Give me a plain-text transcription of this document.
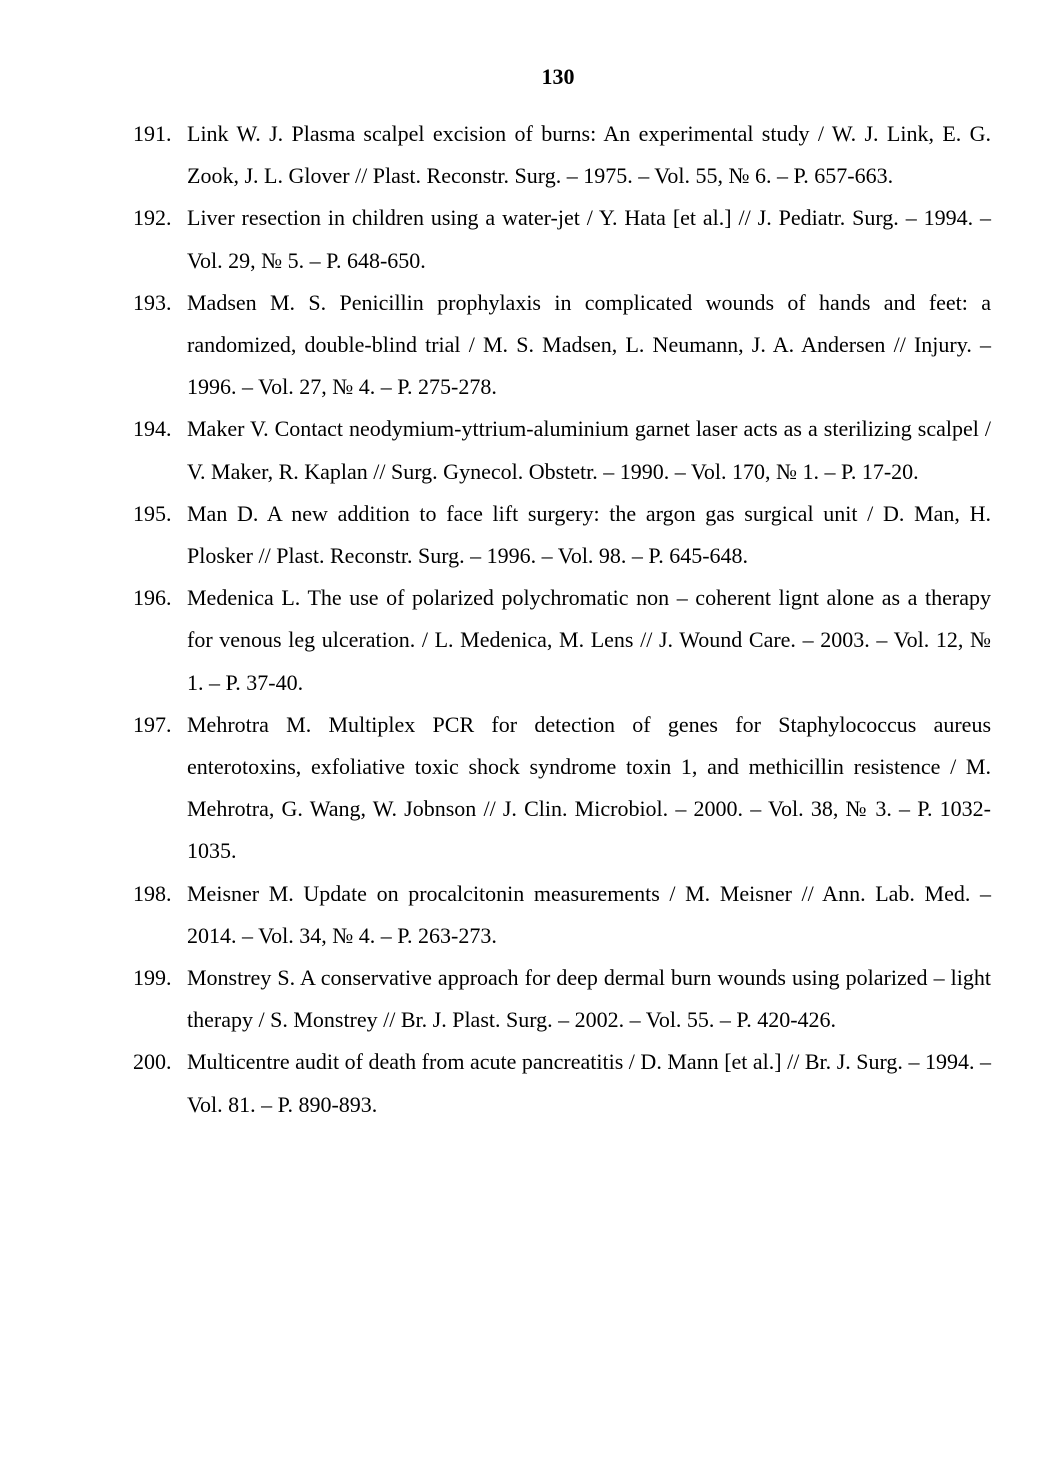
130
191. Link W. J. Plasma scalpel excision of burns: An experimental study / W. J. Link, E. G. Zook, J. L. Glover // Plast. Reconstr. Surg. – 1975. – Vol. 55, № 6. – P. 657-663.
192. Liver resection in children using a water-jet / Y. Hata [et al.] // J. Pediatr. Surg. – 1994. – Vol. 29, № 5. – P. 648-650.
193. Madsen M. S. Penicillin prophylaxis in complicated wounds of hands and feet: a randomized, double-blind trial / M. S. Madsen, L. Neumann, J. A. Andersen // Injury. – 1996. – Vol. 27, № 4. – P. 275-278.
194. Maker V. Contact neodymium-yttrium-aluminium garnet laser acts as a sterilizing scalpel / V. Maker, R. Kaplan // Surg. Gynecol. Obstetr. – 1990. – Vol. 170, № 1. – P. 17-20.
195. Man D. A new addition to face lift surgery: the argon gas surgical unit / D. Man, H. Plosker // Plast. Reconstr. Surg. – 1996. – Vol. 98. – P. 645-648.
196. Medenica L. The use of polarized polychromatic non – coherent lignt alone as a therapy for venous leg ulceration. / L. Medenica, M. Lens // J. Wound Care. – 2003. – Vol. 12, № 1. – P. 37-40.
197. Mehrotra M. Multiplex PCR for detection of genes for Staphylococcus aureus enterotoxins, exfoliative toxic shock syndrome toxin 1, and methicillin resistence / M. Mehrotra, G. Wang, W. Jobnson // J. Clin. Microbiol. – 2000. – Vol. 38, № 3. – P. 1032-1035.
198. Meisner M. Update on procalcitonin measurements / M. Meisner // Ann. Lab. Med. – 2014. – Vol. 34, № 4. – P. 263-273.
199. Monstrey S. A conservative approach for deep dermal burn wounds using polarized – light therapy / S. Monstrey // Br. J. Plast. Surg. – 2002. – Vol. 55. – P. 420-426.
200. Multicentre audit of death from acute pancreatitis / D. Mann [et al.] // Br. J. Surg. – 1994. – Vol. 81. – P. 890-893.
